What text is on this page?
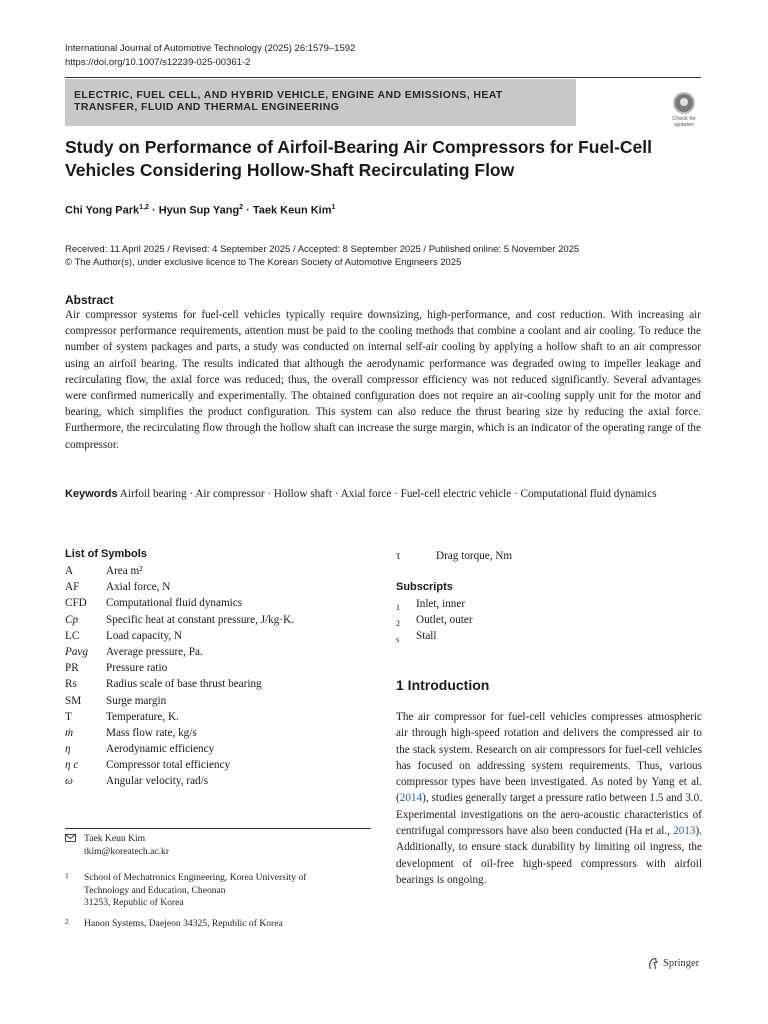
International Journal of Automotive Technology (2025) 26:1579–1592
https://doi.org/10.1007/s12239-025-00361-2
ELECTRIC, FUEL CELL, AND HYBRID VEHICLE, ENGINE AND EMISSIONS, HEAT
TRANSFER, FLUID AND THERMAL ENGINEERING
Check for
updates
Study on Performance of Airfoil-Bearing Air Compressors for Fuel-Cell Vehicles Considering Hollow-Shaft Recirculating Flow
Chi Yong Park$^{1,2}$ · Hyun Sup Yang$^2$ · Taek Keun Kim$^1$
Received: 11 April 2025 / Revised: 4 September 2025 / Accepted: 8 September 2025 / Published online: 5 November 2025
© The Author(s), under exclusive licence to The Korean Society of Automotive Engineers 2025
Abstract
Air compressor systems for fuel-cell vehicles typically require downsizing, high-performance, and cost reduction. With increasing air compressor performance requirements, attention must be paid to the cooling methods that combine a coolant and air cooling. To reduce the number of system packages and parts, a study was conducted on internal self-air cooling by applying a hollow shaft to an air compressor using an airfoil bearing. The results indicated that although the aerodynamic performance was degraded owing to impeller leakage and recirculating flow, the axial force was reduced; thus, the overall compressor efficiency was not reduced significantly. Several advantages were confirmed numerically and experimentally. The obtained configuration does not require an air-cooling supply unit for the motor and bearing, which simplifies the product configuration. This system can also reduce the thrust bearing size by reducing the axial force. Furthermore, the recirculating flow through the hollow shaft can increase the surge margin, which is an indicator of the operating range of the compressor.
Keywords Airfoil bearing · Air compressor · Hollow shaft · Axial force · Fuel-cell electric vehicle · Computational fluid dynamics
List of Symbols
A	Area m²
AF	Axial force, N
CFD	Computational fluid dynamics
Cp	Specific heat at constant pressure, J/kg·K.
LC	Load capacity, N
Pavg	Average pressure, Pa.
PR	Pressure ratio
Rs	Radius scale of base thrust bearing
SM	Surge margin
T	Temperature, K.
ṁ	Mass flow rate, kg/s
η	Aerodynamic efficiency
η c	Compressor total efficiency
ω	Angular velocity, rad/s
τ	Drag torque, Nm
Subscripts
1	Inlet, inner
2	Outlet, outer
s	Stall
1 Introduction
The air compressor for fuel-cell vehicles compresses atmospheric air through high-speed rotation and delivers the compressed air to the stack system. Research on air compressors for fuel-cell vehicles has focused on addressing system requirements. Thus, various compressor types have been investigated. As noted by Yang et al. (2014), studies generally target a pressure ratio between 1.5 and 3.0. Experimental investigations on the aero-acoustic characteristics of centrifugal compressors have also been conducted (Ha et al., 2013). Additionally, to ensure stack durability by limiting oil ingress, the development of oil-free high-speed compressors with airfoil bearings is ongoing.
Taek Keun Kim
tkim@koreatech.ac.kr
1	School of Mechatronics Engineering, Korea University of
Technology and Education, Cheonan
31253, Republic of Korea
2	Hanon Systems, Daejeon 34325, Republic of Korea
Springer
